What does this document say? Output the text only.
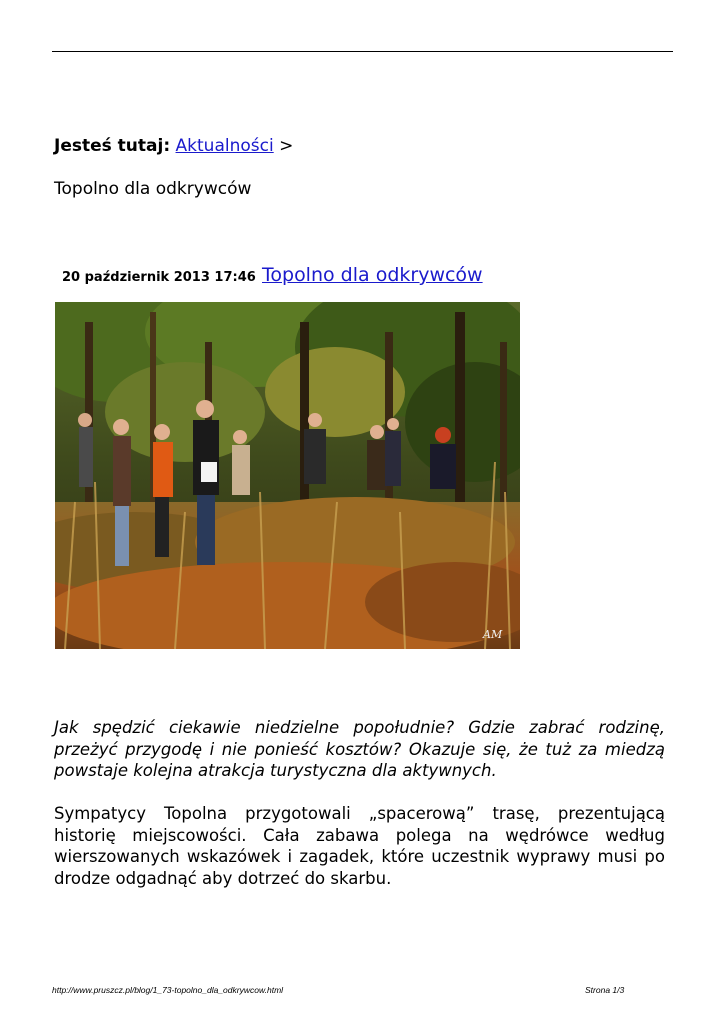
Jesteś tutaj: Aktualności >
Topolno dla odkrywców
20 październik 2013 17:46 Topolno dla odkrywców
AM
Jak spędzić ciekawie niedzielne popołudnie? Gdzie zabrać rodzinę, przeżyć przygodę i nie ponieść kosztów? Okazuje się, że tuż za miedzą powstaje kolejna atrakcja turystyczna dla aktywnych.
Sympatycy Topolna przygotowali „spacerową” trasę, prezentującą historię miejscowości. Cała zabawa polega na wędrówce według wierszowanych wskazówek i zagadek, które uczestnik wyprawy musi po drodze odgadnąć aby dotrzeć do skarbu.
http://www.pruszcz.pl/blog/1_73-topolno_dla_odkrywcow.html	Strona 1/3
